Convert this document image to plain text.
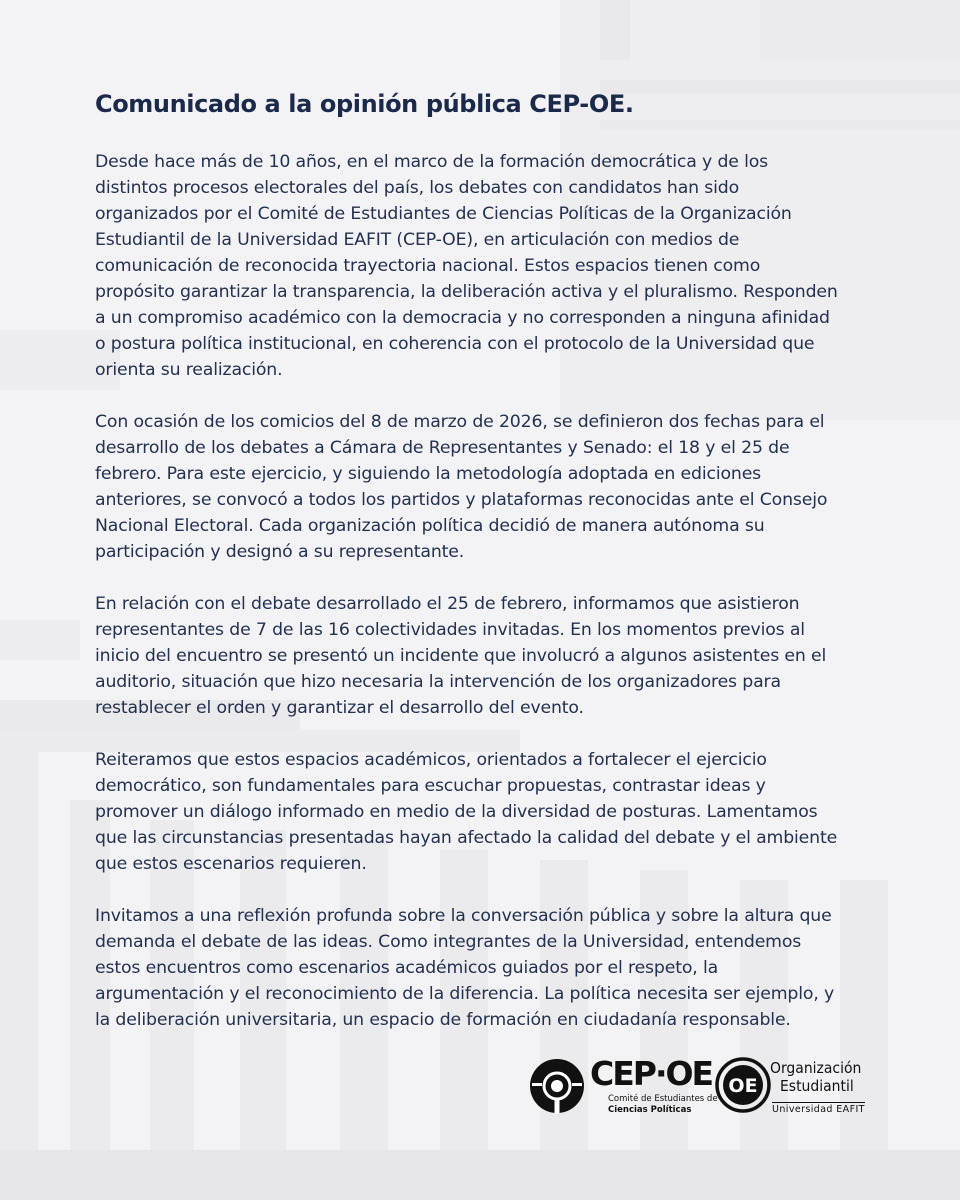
Comunicado a la opinión pública CEP-OE.

Desde hace más de 10 años, en el marco de la formación democrática y de los
distintos procesos electorales del país, los debates con candidatos han sido
organizados por el Comité de Estudiantes de Ciencias Políticas de la Organización
Estudiantil de la Universidad EAFIT (CEP-OE), en articulación con medios de
comunicación de reconocida trayectoria nacional. Estos espacios tienen como
propósito garantizar la transparencia, la deliberación activa y el pluralismo. Responden
a un compromiso académico con la democracia y no corresponden a ninguna afinidad
o postura política institucional, en coherencia con el protocolo de la Universidad que
orienta su realización.

Con ocasión de los comicios del 8 de marzo de 2026, se definieron dos fechas para el
desarrollo de los debates a Cámara de Representantes y Senado: el 18 y el 25 de
febrero. Para este ejercicio, y siguiendo la metodología adoptada en ediciones
anteriores, se convocó a todos los partidos y plataformas reconocidas ante el Consejo
Nacional Electoral. Cada organización política decidió de manera autónoma su
participación y designó a su representante.

En relación con el debate desarrollado el 25 de febrero, informamos que asistieron
representantes de 7 de las 16 colectividades invitadas. En los momentos previos al
inicio del encuentro se presentó un incidente que involucró a algunos asistentes en el
auditorio, situación que hizo necesaria la intervención de los organizadores para
restablecer el orden y garantizar el desarrollo del evento.

Reiteramos que estos espacios académicos, orientados a fortalecer el ejercicio
democrático, son fundamentales para escuchar propuestas, contrastar ideas y
promover un diálogo informado en medio de la diversidad de posturas. Lamentamos
que las circunstancias presentadas hayan afectado la calidad del debate y el ambiente
que estos escenarios requieren.

Invitamos a una reflexión profunda sobre la conversación pública y sobre la altura que
demanda el debate de las ideas. Como integrantes de la Universidad, entendemos
estos encuentros como escenarios académicos guiados por el respeto, la
argumentación y el reconocimiento de la diferencia. La política necesita ser ejemplo, y
la deliberación universitaria, un espacio de formación en ciudadanía responsable.

CEP·OE
Comité de Estudiantes de
Ciencias Políticas
OE
Organización
Estudiantil
Universidad EAFIT
